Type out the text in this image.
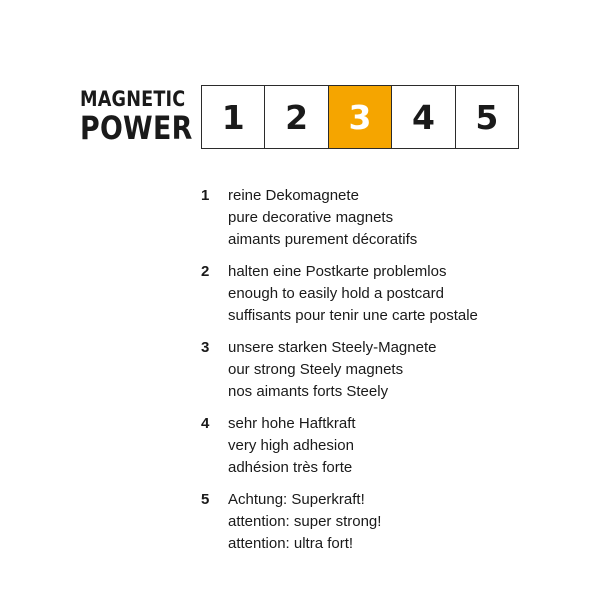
MAGNETIC
POWER 1	2	3	4	5
1	reine Dekomagnete
pure decorative magnets
aimants purement décoratifs
2	halten eine Postkarte problemlos
enough to easily hold a postcard
suffisants pour tenir une carte postale
3	unsere starken Steely-Magnete
our strong Steely magnets
nos aimants forts Steely
4	sehr hohe Haftkraft
very high adhesion
adhésion très forte
5	Achtung: Superkraft!
attention: super strong!
attention: ultra fort!
